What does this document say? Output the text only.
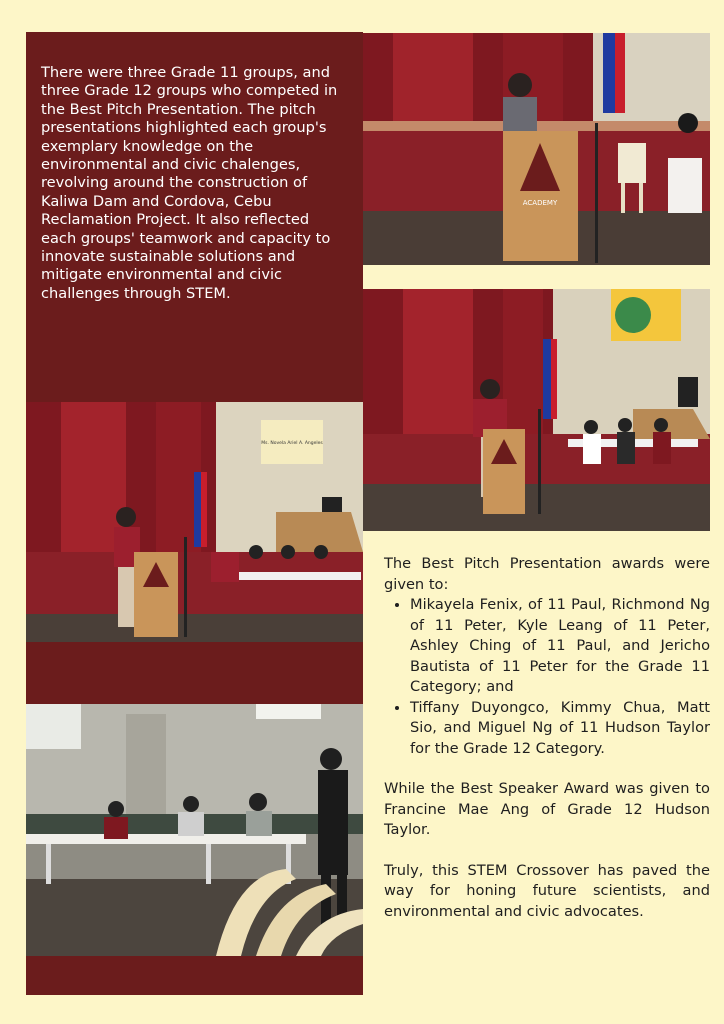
There were three Grade 11 groups, and three Grade 12 groups who competed in the Best Pitch Presentation. The pitch presentations highlighted each group's exemplary knowledge on the environmental and civic chalenges, revolving around the construction of Kaliwa Dam and Cordova, Cebu Reclamation Project. It also reflected each groups' teamwork and capacity to innovate sustainable solutions and mitigate environmental and civic challenges through STEM.

ACADEMY
Ms. Novela Ariel A. Angeles

The Best Pitch Presentation awards were given to:

• Mikayela Fenix, of 11 Paul, Richmond Ng of 11 Peter, Kyle Leang of 11 Peter, Ashley Ching of 11 Paul, and Jericho Bautista of 11 Peter for the Grade 11 Category; and
• Tiffany Duyongco, Kimmy Chua, Matt Sio, and Miguel Ng of 11 Hudson Taylor for the Grade 12 Category.

While the Best Speaker Award was given to Francine Mae Ang of Grade 12 Hudson Taylor.

Truly, this STEM Crossover has paved the way for honing future scientists, and environmental and civic advocates.
